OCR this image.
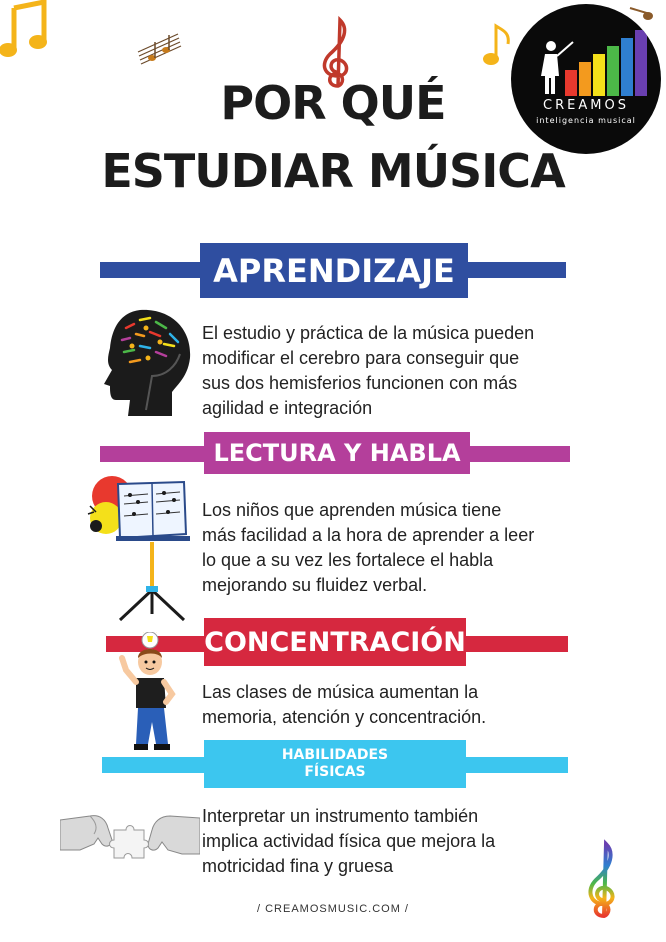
CREAMOS
inteligencia musical
POR QUÉ
ESTUDIAR MÚSICA
APRENDIZAJE

El estudio y práctica de la música pueden
modificar el cerebro para conseguir que
sus dos hemisferios funcionen con más
agilidad e integración

LECTURA Y HABLA

Los niños que aprenden música tiene
más facilidad a la hora de aprender a leer
lo que a su vez les fortalece el habla
mejorando su fluidez verbal.

CONCENTRACIÓN

Las clases de música aumentan la
memoria, atención y concentración.

HABILIDADES
FÍSICAS

Interpretar un instrumento también
implica actividad física que mejora la
motricidad fina y gruesa

/ CREAMOSMUSIC.COM /
